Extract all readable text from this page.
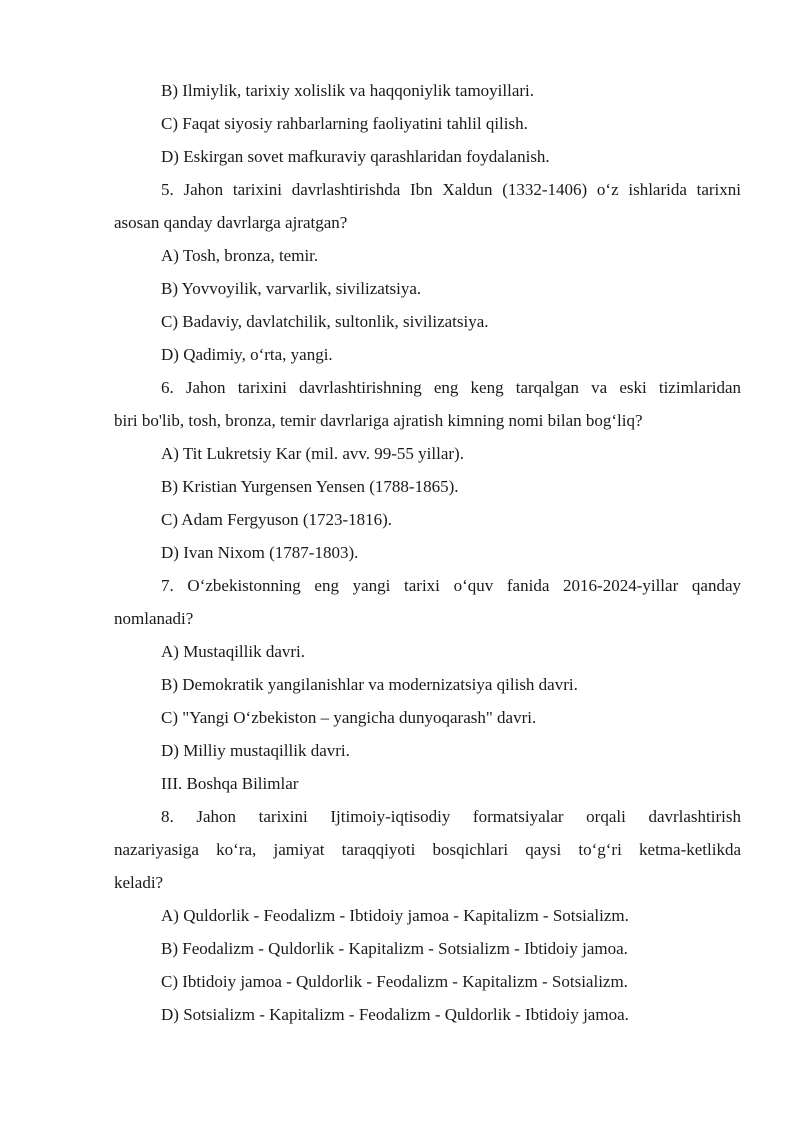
B) Ilmiylik, tarixiy xolislik va haqqoniylik tamoyillari.
C) Faqat siyosiy rahbarlarning faoliyatini tahlil qilish.
D) Eskirgan sovet mafkuraviy qarashlaridan foydalanish.
5. Jahon tarixini davrlashtirishda Ibn Xaldun (1332-1406) o‘z ishlarida tarixni
asosan qanday davrlarga ajratgan?
A) Tosh, bronza, temir.
B) Yovvoyilik, varvarlik, sivilizatsiya.
C) Badaviy, davlatchilik, sultonlik, sivilizatsiya.
D) Qadimiy, o‘rta, yangi.
6. Jahon tarixini davrlashtirishning eng keng tarqalgan va eski tizimlaridan
biri bo'lib, tosh, bronza, temir davrlariga ajratish kimning nomi bilan bog‘liq?
A) Tit Lukretsiy Kar (mil. avv. 99-55 yillar).
B) Kristian Yurgensen Yensen (1788-1865).
C) Adam Fergyuson (1723-1816).
D) Ivan Nixom (1787-1803).
7. O‘zbekistonning eng yangi tarixi o‘quv fanida 2016-2024-yillar qanday
nomlanadi?
A) Mustaqillik davri.
B) Demokratik yangilanishlar va modernizatsiya qilish davri.
C) "Yangi O‘zbekiston – yangicha dunyoqarash" davri.
D) Milliy mustaqillik davri.
III. Boshqa Bilimlar
8. Jahon tarixini Ijtimoiy-iqtisodiy formatsiyalar orqali davrlashtirish
nazariyasiga ko‘ra, jamiyat taraqqiyoti bosqichlari qaysi to‘g‘ri ketma-ketlikda
keladi?
A) Quldorlik - Feodalizm - Ibtidoiy jamoa - Kapitalizm - Sotsializm.
B) Feodalizm - Quldorlik - Kapitalizm - Sotsializm - Ibtidoiy jamoa.
C) Ibtidoiy jamoa - Quldorlik - Feodalizm - Kapitalizm - Sotsializm.
D) Sotsializm - Kapitalizm - Feodalizm - Quldorlik - Ibtidoiy jamoa.
